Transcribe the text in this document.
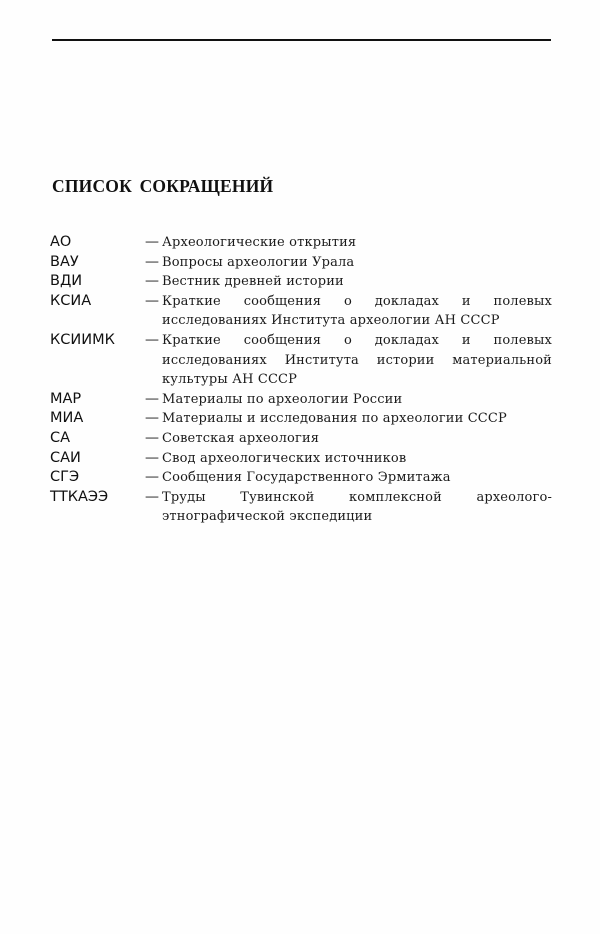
СПИСОК СОКРАЩЕНИЙ
АО	— Археологические открытия
ВАУ	— Вопросы археологии Урала
ВДИ	— Вестник древней истории
КСИА	— Краткие сообщения о докладах и полевых исследованиях Института археологии АН СССР
КСИИМК	— Краткие сообщения о докладах и полевых исследованиях Института истории материальной культуры АН СССР
МАР	— Материалы по археологии России
МИА	— Материалы и исследования по археологии СССР
СА	— Советская археология
САИ	— Свод археологических источников
СГЭ	— Сообщения Государственного Эрмитажа
ТТКАЭЭ	— Труды Тувинской комплексной археолого-этнографической экспедиции
